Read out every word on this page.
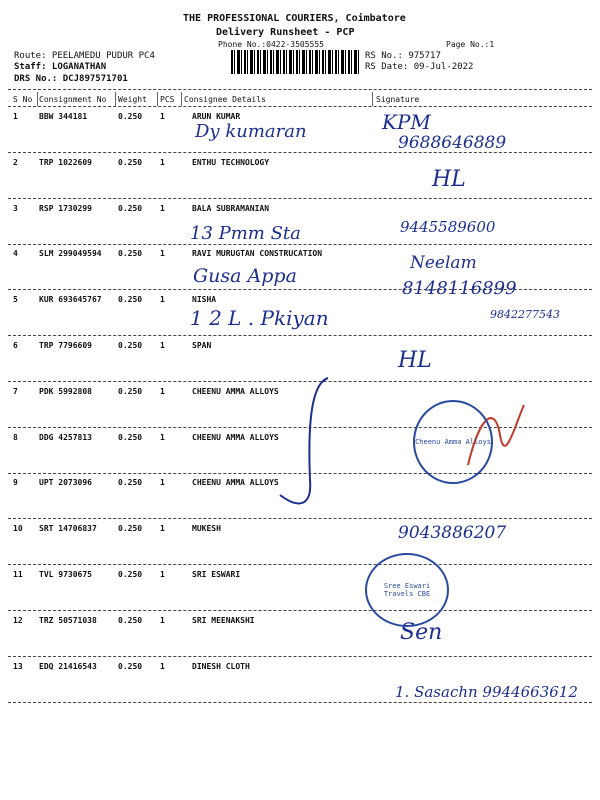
THE PROFESSIONAL COURIERS, Coimbatore
Delivery Runsheet - PCP
Phone No.:0422-3505555	Page No.:1
Route: PEELAMEDU PUDUR PC4
Staff: LOGANATHAN
DRS No.: DCJ897571701
RS No.: 975717
RS Date: 09-Jul-2022
S No Consignment No Weight PCS Consignee Details	Signature
1	BBW 344181	0.250 1	ARUN KUMAR
2	TRP 1022609	0.250 1	ENTHU TECHNOLOGY
3	RSP 1730299	0.250 1	BALA SUBRAMANIAN
4	SLM 299049594 0.250 1	RAVI MURUGTAN CONSTRUCATION
5	KUR 693645767 0.250 1	NISHA
6	TRP 7796609	0.250 1	SPAN
7	PDK 5992808	0.250 1	CHEENU AMMA ALLOYS
8	DDG 4257813	0.250 1	CHEENU AMMA ALLOYS
9	UPT 2073096	0.250 1	CHEENU AMMA ALLOYS
10 SRT 14706837	0.250 1	MUKESH
11 TVL 9730675	0.250 1	SRI ESWARI
12 TRZ 50571038	0.250 1	SRI MEENAKSHI
13 EDQ 21416543	0.250 1	DINESH CLOTH
Dy kumaran	KPM
9688646889
HL
13 Pmm Sta	9445589600
Gusa Appa
Neelam
8148116899
1 2 L . Pkiyan	9842277543
HL
9043886207
Sen
1. Sasachn 9944663612
Cheenu Amma Alloys
Sree Eswari Travels CBE
